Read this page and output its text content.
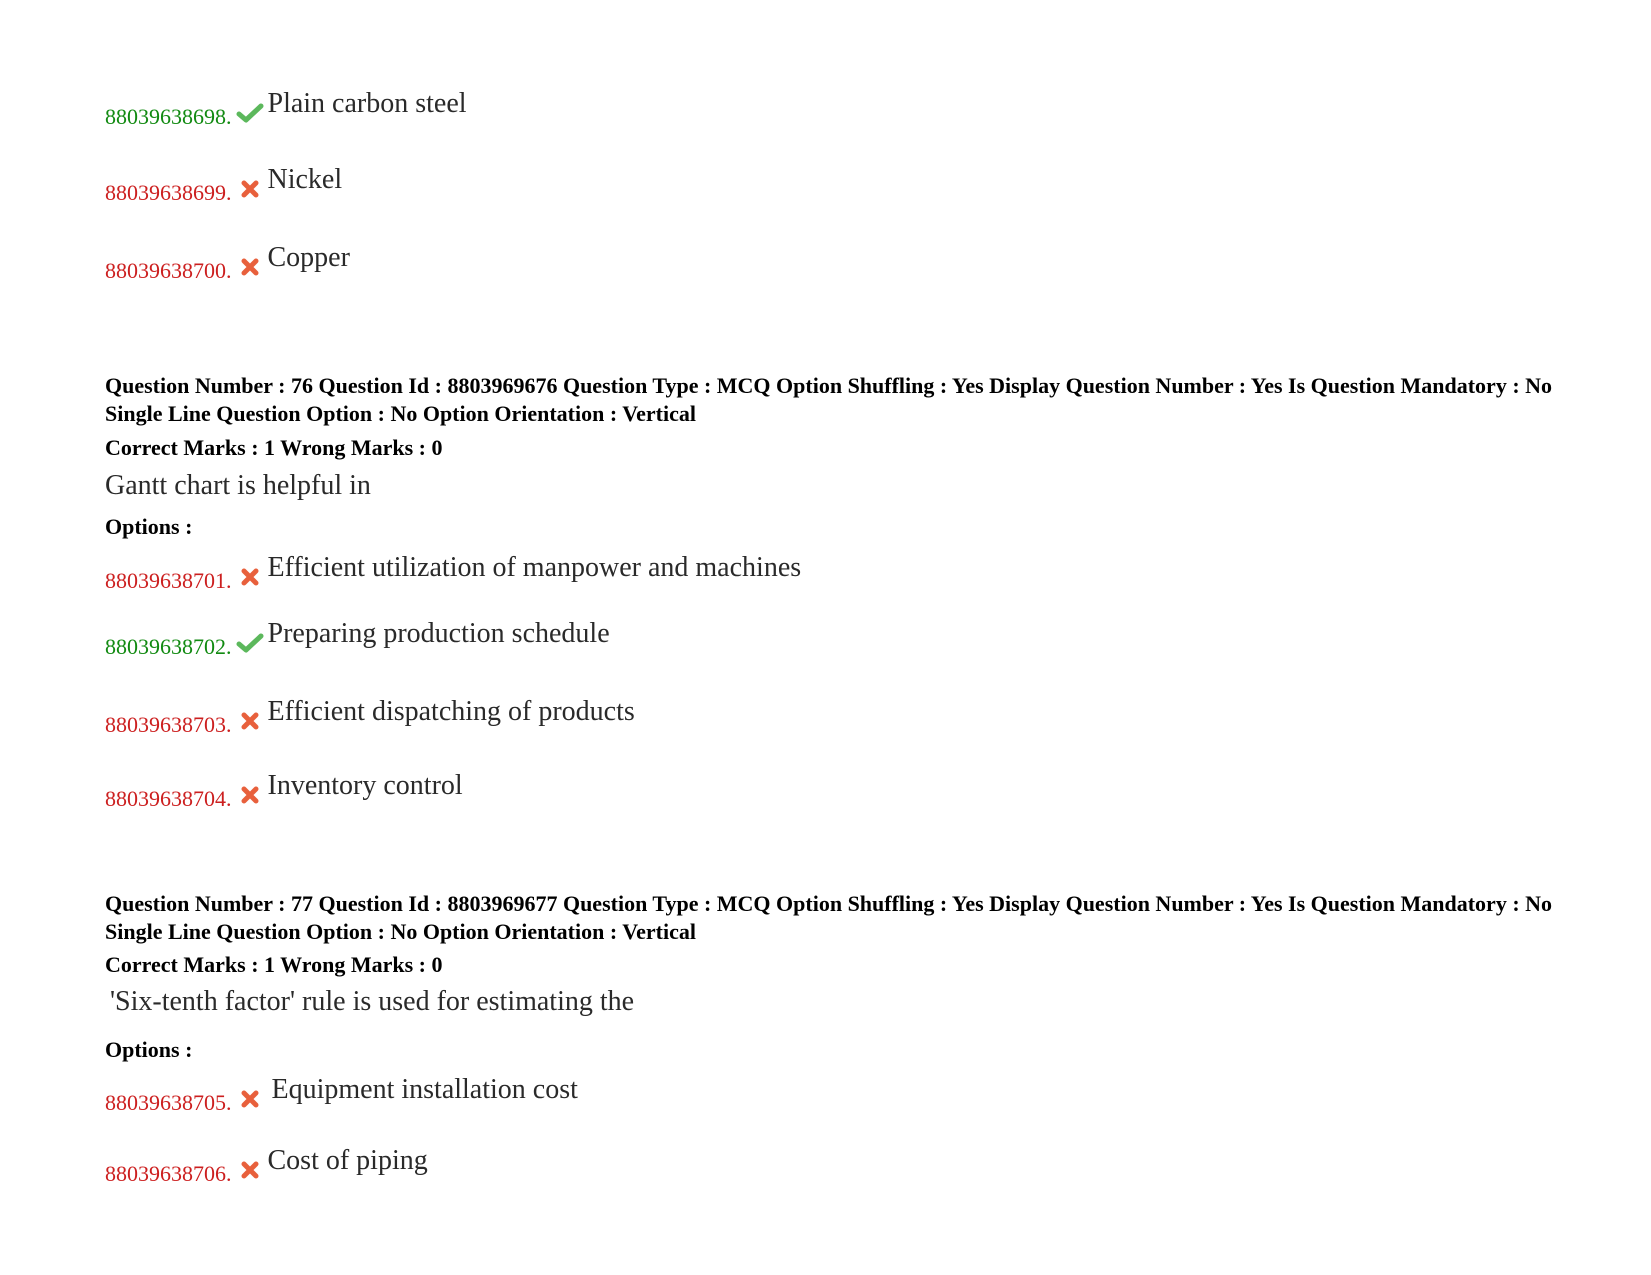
88039638698. Plain carbon steel
88039638699. Nickel
88039638700. Copper
Question Number : 76 Question Id : 8803969676 Question Type : MCQ Option Shuffling : Yes Display Question Number : Yes Is Question Mandatory : No Single Line Question Option : No Option Orientation : Vertical
Correct Marks : 1 Wrong Marks : 0
Gantt chart is helpful in
Options :
88039638701. Efficient utilization of manpower and machines
88039638702. Preparing production schedule
88039638703. Efficient dispatching of products
88039638704. Inventory control
Question Number : 77 Question Id : 8803969677 Question Type : MCQ Option Shuffling : Yes Display Question Number : Yes Is Question Mandatory : No Single Line Question Option : No Option Orientation : Vertical
Correct Marks : 1 Wrong Marks : 0
'Six-tenth factor' rule is used for estimating the
Options :
88039638705. Equipment installation cost
88039638706. Cost of piping
